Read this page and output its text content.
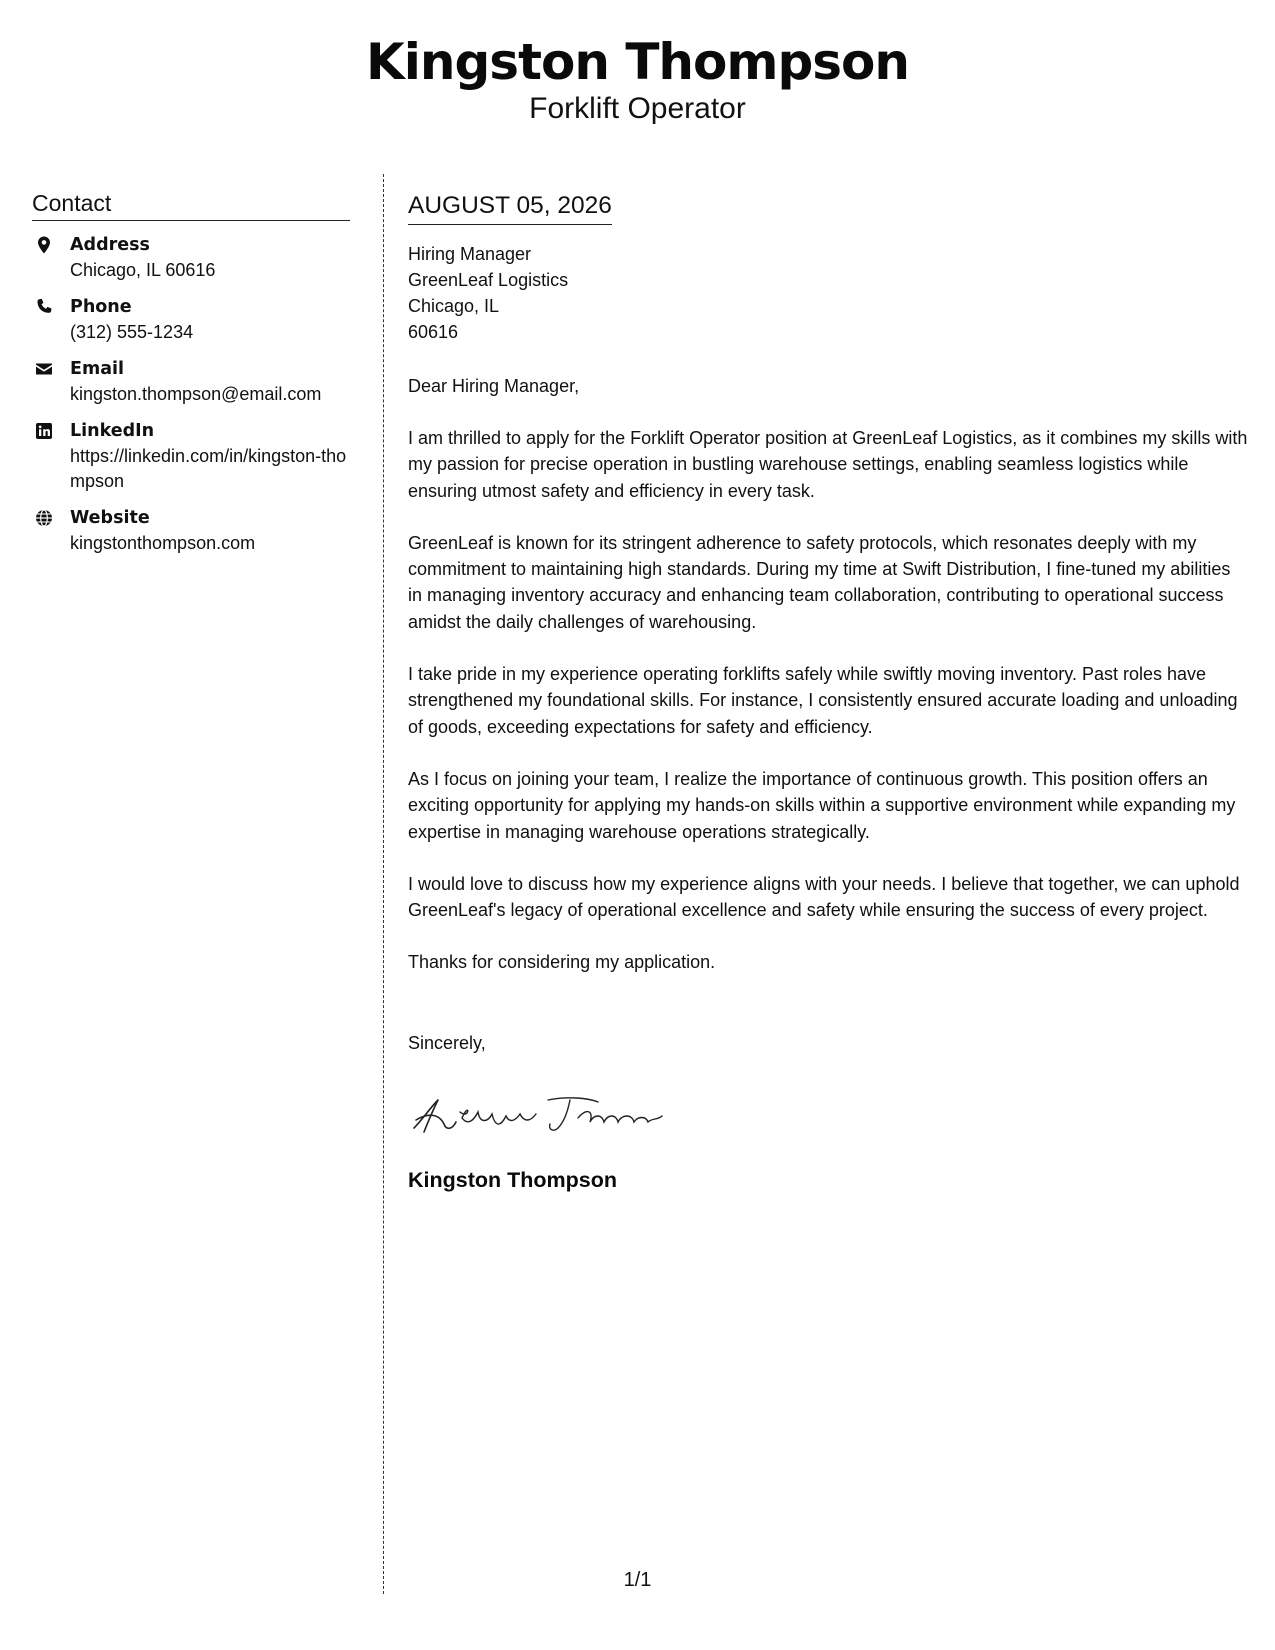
Kingston Thompson
Forklift Operator
Contact
Address
Chicago, IL 60616
Phone
(312) 555-1234
Email
kingston.thompson@email.com
LinkedIn
https://linkedin.com/in/kingston-thompson
Website
kingstonthompson.com
AUGUST 05, 2026
Hiring Manager
GreenLeaf Logistics
Chicago, IL
60616
Dear Hiring Manager,
I am thrilled to apply for the Forklift Operator position at GreenLeaf Logistics, as it combines my skills with my passion for precise operation in bustling warehouse settings, enabling seamless logistics while ensuring utmost safety and efficiency in every task.
GreenLeaf is known for its stringent adherence to safety protocols, which resonates deeply with my commitment to maintaining high standards. During my time at Swift Distribution, I fine-tuned my abilities in managing inventory accuracy and enhancing team collaboration, contributing to operational success amidst the daily challenges of warehousing.
I take pride in my experience operating forklifts safely while swiftly moving inventory. Past roles have strengthened my foundational skills. For instance, I consistently ensured accurate loading and unloading of goods, exceeding expectations for safety and efficiency.
As I focus on joining your team, I realize the importance of continuous growth. This position offers an exciting opportunity for applying my hands-on skills within a supportive environment while expanding my expertise in managing warehouse operations strategically.
I would love to discuss how my experience aligns with your needs. I believe that together, we can uphold GreenLeaf's legacy of operational excellence and safety while ensuring the success of every project.
Thanks for considering my application.
Sincerely,
Kingston Thompson
1/1
